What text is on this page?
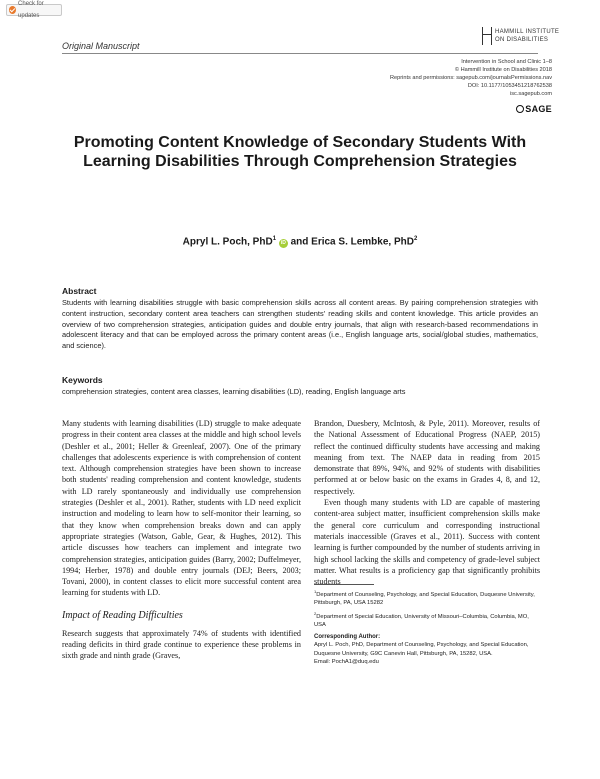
Check for updates
Original Manuscript
HAMMILL INSTITUTE
ON DISABILITIES
Intervention in School and Clinic 1–8
© Hammill Institute on Disabilities 2018
Reprints and permissions: sagepub.com/journalsPermissions.nav
DOI: 10.1177/1053451218762538
isc.sagepub.com
SAGE
Promoting Content Knowledge of Secondary Students With Learning Disabilities Through Comprehension Strategies
Apryl L. Poch, PhD$^1$ iD and Erica S. Lembke, PhD$^2$
Abstract
Students with learning disabilities struggle with basic comprehension skills across all content areas. By pairing comprehension strategies with content instruction, secondary content area teachers can strengthen students' reading skills and content knowledge. This article provides an overview of two comprehension strategies, anticipation guides and double entry journals, that align with research-based recommendations in adolescent literacy and that can be employed across the primary content areas (i.e., English language arts, social/global studies, mathematics, and science).
Keywords
comprehension strategies, content area classes, learning disabilities (LD), reading, English language arts

Many students with learning disabilities (LD) struggle to make adequate progress in their content area classes at the middle and high school levels (Deshler et al., 2001; Heller & Greenleaf, 2007). One of the primary challenges that adolescents experience is with comprehension of content text. Although comprehension strategies have been shown to increase both students' reading comprehension and content knowledge, students with LD rarely spontaneously and individually use comprehension strategies (Deshler et al., 2001). Rather, students with LD need explicit instruction and modeling to learn how to self-monitor their learning, so that they know when comprehension breaks down and can apply appropriate strategies (Watson, Gable, Gear, & Hughes, 2012). This article discusses how teachers can implement and integrate two comprehension strategies, anticipation guides (Barry, 2002; Duffelmeyer, 1994; Herber, 1978) and double entry journals (DEJ; Beers, 2003; Tovani, 2000), in content classes to elicit more successful content area learning for students with LD.

Impact of Reading Difficulties

Research suggests that approximately 74% of students with identified reading deficits in third grade continue to experience these problems in sixth grade and ninth grade (Graves,

Brandon, Duesbery, McIntosh, & Pyle, 2011). Moreover, results of the National Assessment of Educational Progress (NAEP, 2015) reflect the continued difficulty students have accessing and making meaning from text. The NAEP data in reading from 2015 demonstrate that 89%, 94%, and 92% of students with disabilities performed at or below basic on the exams in Grades 4, 8, and 12, respectively.

Even though many students with LD are capable of mastering content-area subject matter, insufficient comprehension skills make the general core curriculum and corresponding instructional materials inaccessible (Graves et al., 2011). Success with content learning is further compounded by the number of students arriving in high school lacking the skills and competency of grade-level subject matter. What results is a proficiency gap that significantly prohibits students

$^1$Department of Counseling, Psychology, and Special Education, Duquesne University, Pittsburgh, PA, USA 15282

$^2$Department of Special Education, University of Missouri–Columbia, Columbia, MO, USA

Corresponding Author:
Apryl L. Poch, PhD, Department of Counseling, Psychology, and Special Education, Duquesne University, G9C Canevin Hall, Pittsburgh, PA, 15282, USA.
Email: PochA1@duq.edu
